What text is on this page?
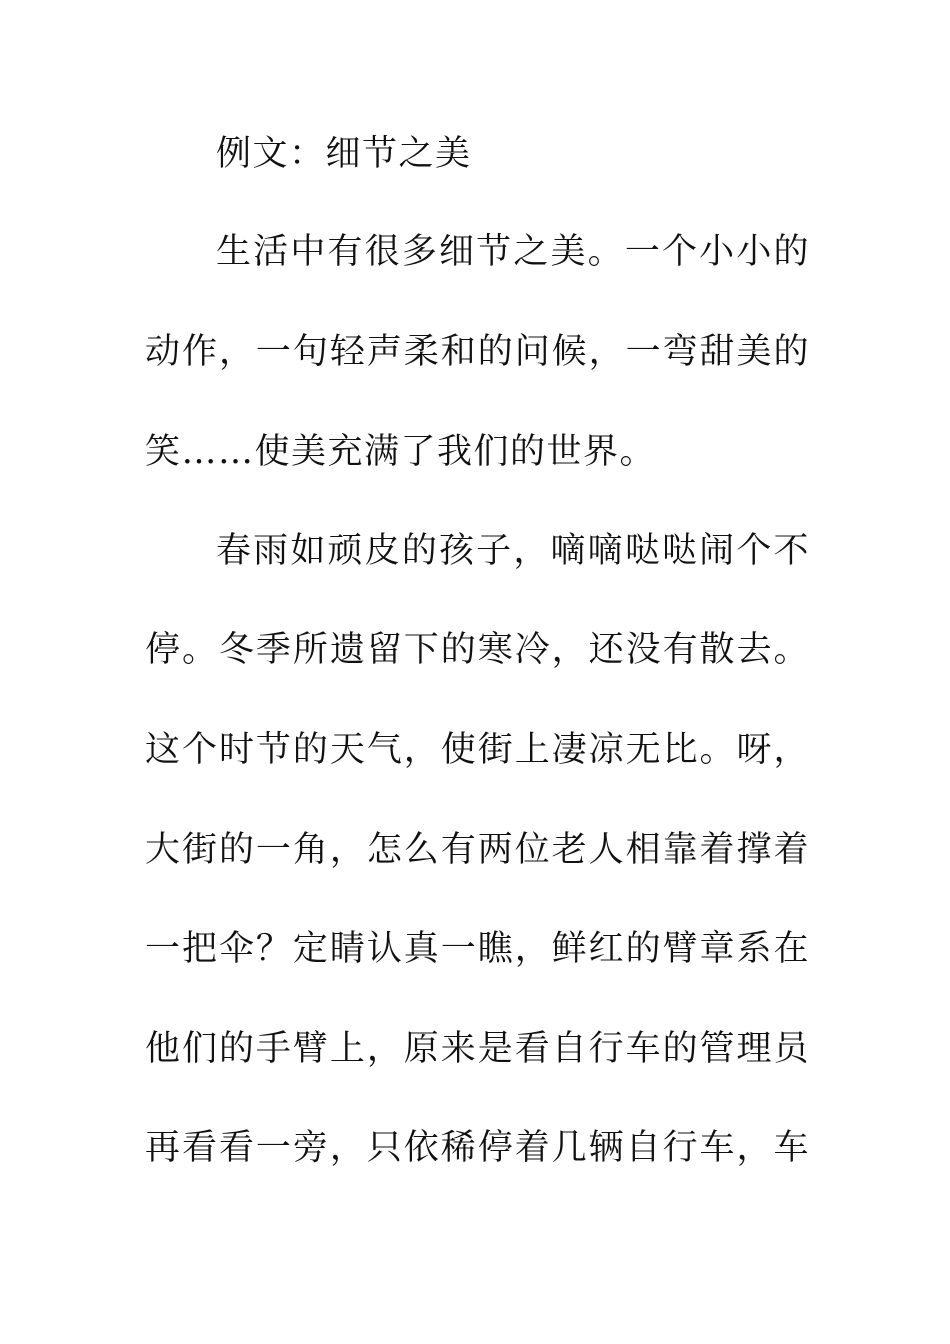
例文：细节之美
生活中有很多细节之美。一个小小的
动作，一句轻声柔和的问候，一弯甜美的
笑……使美充满了我们的世界。
春雨如顽皮的孩子，嘀嘀哒哒闹个不
停。冬季所遗留下的寒冷，还没有散去。
这个时节的天气，使街上凄凉无比。呀，
大街的一角，怎么有两位老人相靠着撑着
一把伞？定睛认真一瞧，鲜红的臂章系在
他们的手臂上，原来是看自行车的管理员
再看看一旁，只依稀停着几辆自行车，车
